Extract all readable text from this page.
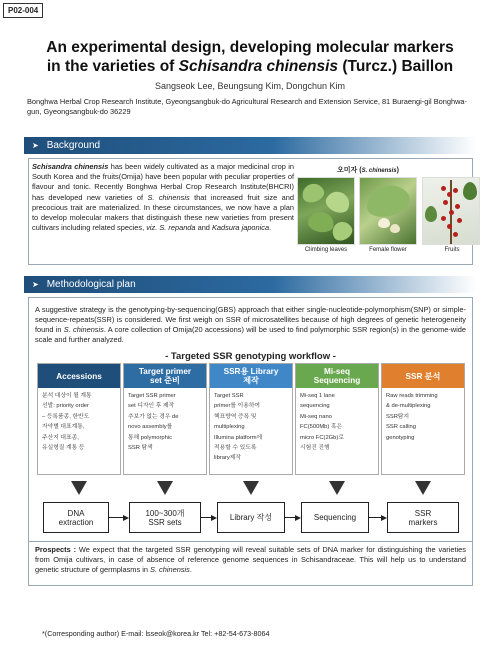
P02-004
An experimental design, developing molecular markers
in the varieties of Schisandra chinensis (Turcz.) Baillon
Sangseok Lee, Beungsung Kim, Dongchun Kim
Bonghwa Herbal Crop Research Institute, Gyeongsangbuk-do Agricultural Research and Extension Service, 81 Buraengi-gil Bonghwa-gun, Gyeongsangbuk-do 36229
➤ Background
Schisandra chinensis has been widely cultivated as a major medicinal crop in South Korea and the fruits(Omija) have been popular with peculiar properties of flavour and tonic. Recently Bonghwa Herbal Crop Research Institute(BHCRI) has developed new varieties of S. chinensis that increased fruit size and precocious trait are materialized. In these circumstances, we now have a plan to develop molecular makers that distinguish these new varieties from present cultivars including related species, viz. S. repanda and Kadsura japonica.
오미자 (S. chinensis)
Climbing leaves	Female flower	Fruits
➤ Methodological plan
A suggestive strategy is the genotyping-by-sequencing(GBS) approach that either single-nucleotide-polymorphism(SNP) or simple-sequence-repeats(SSR) is considered. We first weigh on SSR of microsatellites because of high degrees of genetic heterogeneity found in S. chinensis. A core collection of Omija(20 accessions) will be used to find polymorphic SSR region(s) in the genome-wide scale and further analyzed.
- Targeted SSR genotyping workflow -
Accessions
분석 대상이 될 계통
선발: priority order
– 등록품종, 한반도
자약별 대표계통,
주산지 대표종,
유실형질 계통 등
Target primer
set 준비
Target SSR primer
set 디자인 후 제작
추보가 없는 경우 de
novo assembly를
통해 polymorphic
SSR 탐색
SSR용 Library
제작
Target SSR
primer를 이용하여
핵표방역 증폭 및
multiplexing
Illumina platform에
적용할 수 있도록
library제작
Mi-seq
Sequencing
Mi-seq 1 lane
sequencing
Mi-seq nano
FC(500Mb) 혹은
micro FC(2Gb)로
시험진 진행
SSR 분석
Raw reads trimming
& de-multiplexing
SSR탐지
SSR calling
genotyping
DNA
extraction
100~300개
SSR sets	Library 작성	Sequencing	SSR
markers
Prospects : We expect that the targeted SSR genotyping will reveal suitable sets of DNA marker for distinguishing the varieties from Omija cultivars, in case of absence of reference genome sequences in Schisandraceae. This will help us to understand genetic structure of germplasms in S. chinensis.
*(Corresponding author) E-mail: lsseok@korea.kr Tel: +82-54-673-8064
